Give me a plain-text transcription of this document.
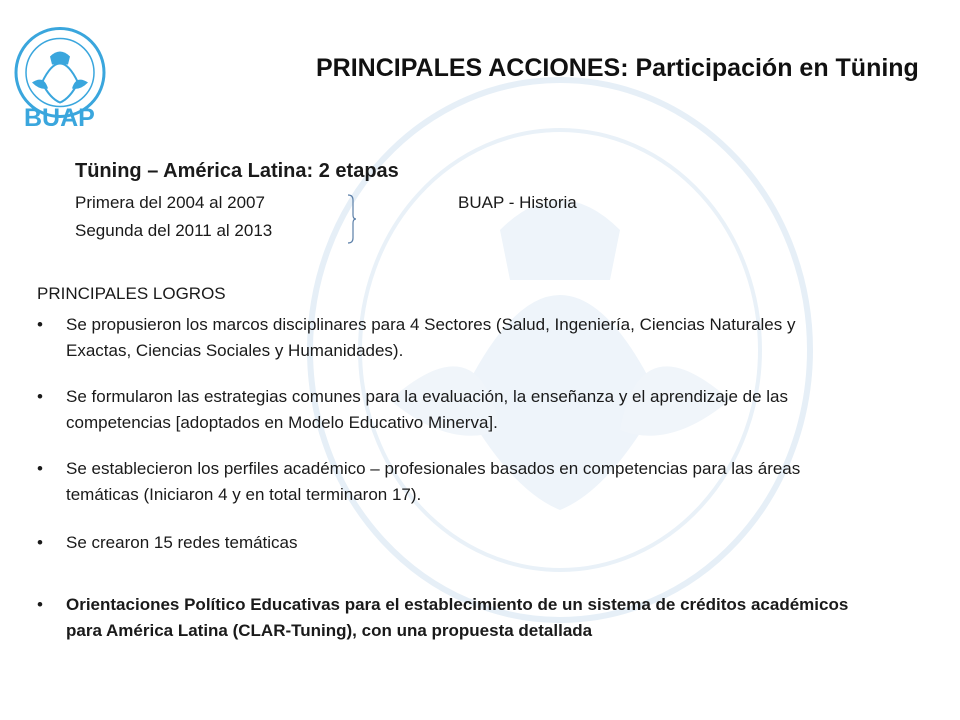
BUAP
PRINCIPALES ACCIONES: Participación en Tüning
Tüning – América Latina: 2 etapas
Primera del 2004 al 2007
Segunda del 2011 al 2013
BUAP - Historia
PRINCIPALES LOGROS
•	Se propusieron los marcos disciplinares para 4 Sectores (Salud, Ingeniería, Ciencias Naturales y Exactas, Ciencias Sociales y Humanidades).
•	Se formularon las estrategias comunes para la evaluación, la enseñanza y el aprendizaje de las competencias [adoptados en Modelo Educativo Minerva].
•	Se establecieron los perfiles académico – profesionales basados en competencias para las áreas temáticas (Iniciaron 4 y en total terminaron 17).
•	Se crearon 15 redes temáticas
•	Orientaciones Político Educativas para el establecimiento de un sistema de créditos académicos para América Latina (CLAR-Tuning), con una propuesta detallada
